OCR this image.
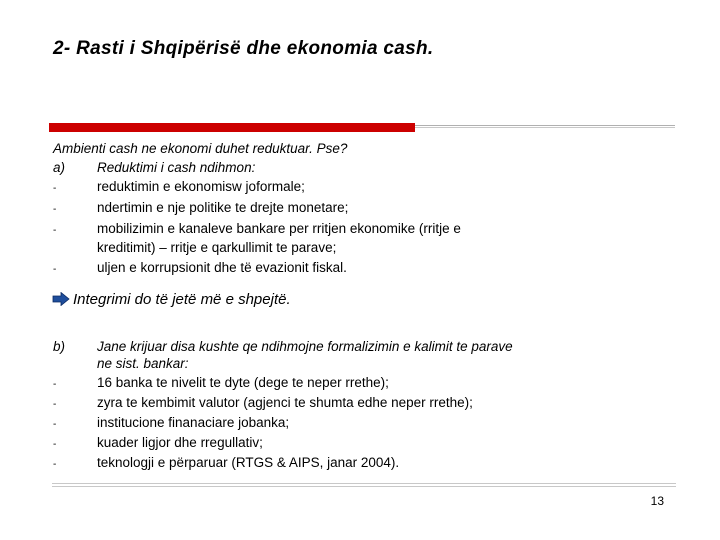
2- Rasti i Shqipërisë dhe ekonomia cash.
Ambienti cash ne ekonomi duhet reduktuar. Pse?
a) Reduktimi i cash ndihmon:
-	reduktimin e ekonomisw joformale;
-	ndertimin e nje politike te drejte monetare;
-	mobilizimin e kanaleve bankare per rritjen ekonomike (rritje e
kreditimit) – rritje e qarkullimit te parave;
-	uljen e korrupsionit dhe të evazionit fiskal.
Integrimi do të jetë më e shpejtë.
b) Jane krijuar disa kushte qe ndihmojne formalizimin e kalimit te parave
ne sist. bankar:
-	16 banka te nivelit te dyte (dege te neper rrethe);
-	zyra te kembimit valutor (agjenci te shumta edhe neper rrethe);
-	institucione finanaciare jobanka;
-	kuader ligjor dhe rregullativ;
-	teknologji e përparuar (RTGS & AIPS, janar 2004).
13
